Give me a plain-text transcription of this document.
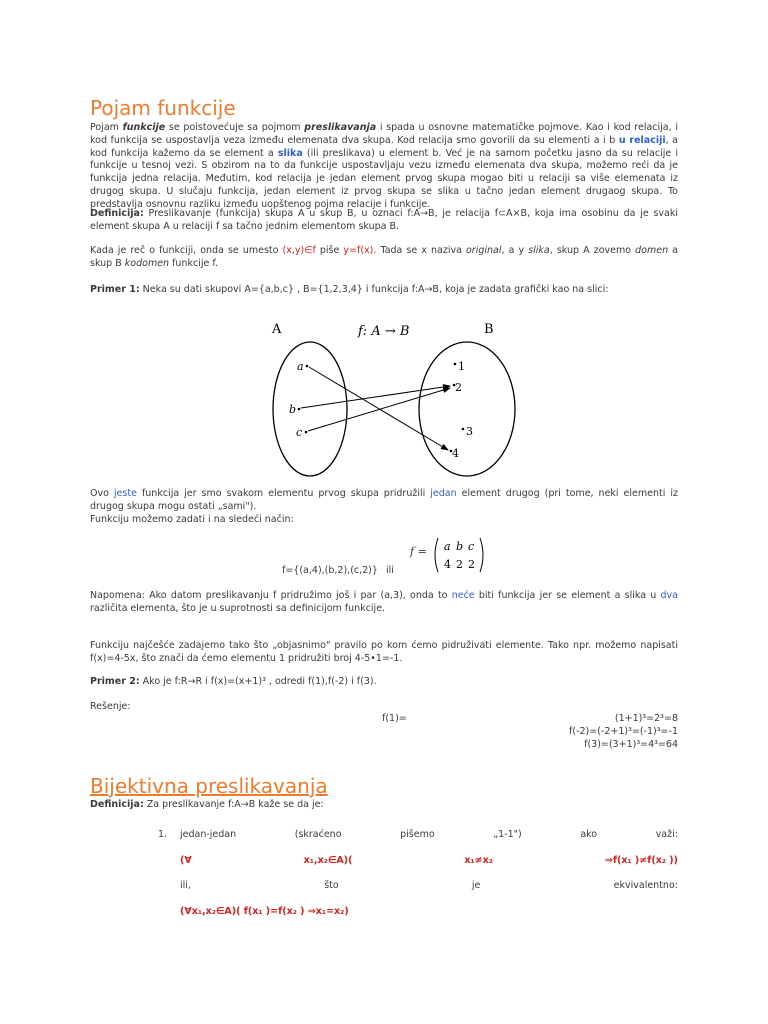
Pojam funkcije

Pojam funkcije se poistovećuje sa pojmom preslikavanja i spada u osnovne matematičke pojmove. Kao i kod relacija, i kod funkcija se uspostavlja veza između elemenata dva skupa. Kod relacija smo govorili da su elementi a i b u relaciji, a kod funkcija kažemo da se element a slika (ili preslikava) u element b. Već je na samom početku jasno da su relacije i funkcije u tesnoj vezi. S obzirom na to da funkcije uspostavljaju vezu između elemenata dva skupa, možemo reći da je funkcija jedna relacija. Međutim, kod relacija je jedan element prvog skupa mogao biti u relaciji sa više elemenata iz drugog skupa. U slučaju funkcija, jedan element iz prvog skupa se slika u tačno jedan element drugaog skupa. To predstavlja osnovnu razliku između uopštenog pojma relacije i funkcije.

Definicija: Preslikavanje (funkcija) skupa A u skup B, u oznaci f:A→B, je relacija f⊂A×B, koja ima osobinu da je svaki element skupa A u relaciji f sa tačno jednim elementom skupa B.

Kada je reč o funkciji, onda se umesto (x,y)∈f piše y=f(x). Tada se x naziva original, a y slika, skup A zovemo domen a skup B kodomen funkcije f.

Primer 1: Neka su dati skupovi A={a,b,c} , B={1,2,3,4} i funkcija f:A→B, koja je zadata grafički kao na slici:

A	B
f: A → B
a
b
c
1
2
3
4

Ovo jeste funkcija jer smo svakom elementu prvog skupa pridružili jedan element drugog (pri tome, neki elementi iz drugog skupa mogu ostati „sami").

Funkciju možemo zadati i na sledeći način:

f={(a,4),(b,2),(c,2)} ili
f = a b c
4 2 2

Napomena: Ako datom preslikavanju f pridružimo još i par (a,3), onda to neće biti funkcija jer se element a slika u dva različita elementa, što je u suprotnosti sa definicijom funkcije.

Funkciju najčešće zadajemo tako što „objasnimo" pravilo po kom ćemo pidruživati elemente. Tako npr. možemo napisati f(x)=4-5x, što znači da ćemo elementu 1 pridružiti broj 4-5•1=-1.

Primer 2: Ako je f:R→R i f(x)=(x+1)³ , odredi f(1),f(-2) i f(3).

Rešenje:

f(1)=	(1+1)³=2³=8
f(-2)=(-2+1)³=(-1)³=-1
f(3)=(3+1)³=4³=64
Bijektivna preslikavanja

Definicija: Za preslikavanje f:A→B kaže se da je:

1. jedan-jedan	(skraćeno	pišemo	„1-1")	ako	važi:
(∀	x₁,x₂∈A)(	x₁≠x₂	⇒f(x₁ )≠f(x₂ ))
ili,	što	je	ekvivalentno:
(∀x₁,x₂∈A)( f(x₁ )=f(x₂ ) ⇒x₁=x₂)
